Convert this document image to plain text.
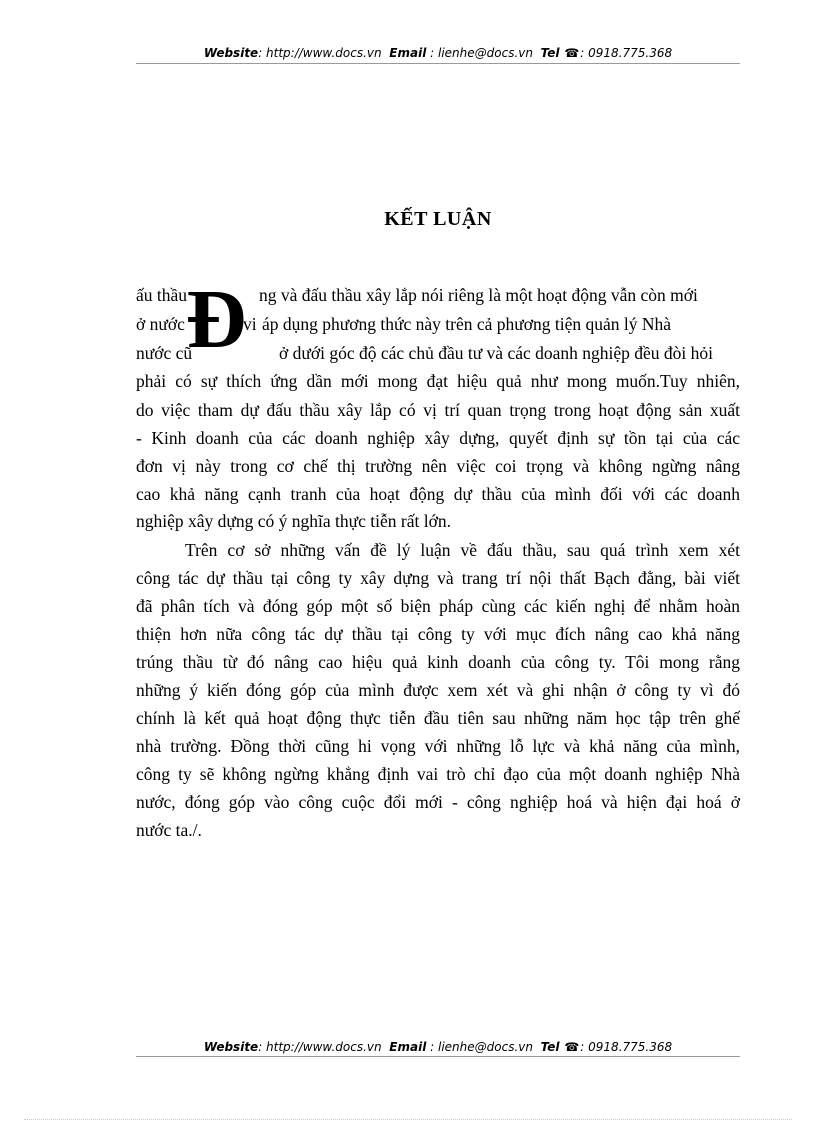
Website: http://www.docs.vn Email : lienhe@docs.vn Tel ☎: 0918.775.368
KẾT LUẬN
Đ
ấu thầu	ng và đấu thầu xây lắp nói riêng là một hoạt động vẫn còn mới
ở nước	vi áp dụng phương thức này trên cả phương tiện quản lý Nhà
nước cũ	ở dưới góc độ các chủ đầu tư và các doanh nghiệp đều đòi hỏi
phải có sự thích ứng dần mới mong đạt hiệu quả như mong muốn.Tuy nhiên,
do việc tham dự đấu thầu xây lắp có vị trí quan trọng trong hoạt động sản xuất
- Kinh doanh của các doanh nghiệp xây dựng, quyết định sự tồn tại của các
đơn vị này trong cơ chế thị trường nên việc coi trọng và không ngừng nâng
cao khả năng cạnh tranh của hoạt động dự thầu của mình đối với các doanh
nghiệp xây dựng có ý nghĩa thực tiễn rất lớn.
Trên cơ sở những vấn đề lý luận về đấu thầu, sau quá trình xem xét
công tác dự thầu tại công ty xây dựng và trang trí nội thất Bạch đằng, bài viết
đã phân tích và đóng góp một số biện pháp cùng các kiến nghị để nhằm hoàn
thiện hơn nữa công tác dự thầu tại công ty với mục đích nâng cao khả năng
trúng thầu từ đó nâng cao hiệu quả kinh doanh của công ty. Tôi mong rằng
những ý kiến đóng góp của mình được xem xét và ghi nhận ở công ty vì đó
chính là kết quả hoạt động thực tiễn đầu tiên sau những năm học tập trên ghế
nhà trường. Đồng thời cũng hi vọng với những lỗ lực và khả năng của mình,
công ty sẽ không ngừng khẳng định vai trò chỉ đạo của một doanh nghiệp Nhà
nước, đóng góp vào công cuộc đổi mới - công nghiệp hoá và hiện đại hoá ở
nước ta./.
Website: http://www.docs.vn Email : lienhe@docs.vn Tel ☎: 0918.775.368
